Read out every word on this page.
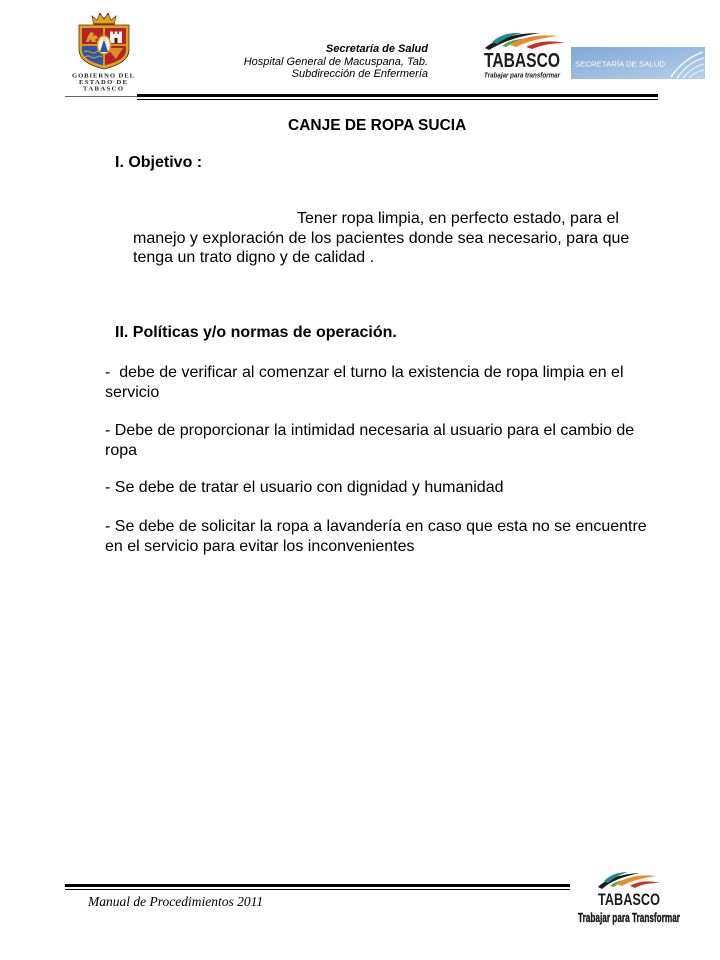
GOBIERNO DEL
ESTADO DE
TABASCO
Secretaría de Salud
Hospital General de Macuspana, Tab.
Subdirección de Enfermería
TABASCO
Trabajar para transformar
SECRETARÍA DE SALUD
CANJE DE ROPA SUCIA
I. Objetivo :
Tener ropa limpia, en perfecto estado, para el
manejo y exploración de los pacientes donde sea necesario, para que
tenga un trato digno y de calidad .
II. Políticas y/o normas de operación.
-  debe de verificar al comenzar el turno la existencia de ropa limpia en el
servicio
- Debe de proporcionar la intimidad necesaria al usuario para el cambio de
ropa
- Se debe de tratar el usuario con dignidad y humanidad
- Se debe de solicitar la ropa a lavandería en caso que esta no se encuentre
en el servicio para evitar los inconvenientes
Manual de Procedimientos 2011	TABASCO
Trabajar para Transformar
